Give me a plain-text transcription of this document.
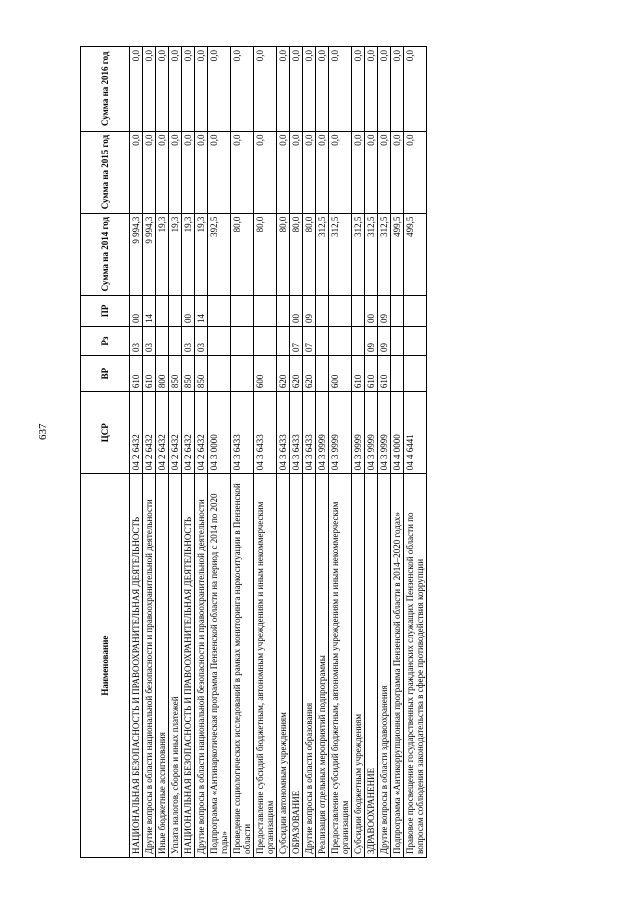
637
Наименование	ЦСР	ВР	Рз	ПР	Сумма на 2014 год	Сумма на 2015 год	Сумма на 2016 год
НАЦИОНАЛЬНАЯ БЕЗОПАСНОСТЬ И ПРАВООХРАНИТЕЛЬНАЯ ДЕЯТЕЛЬНОСТЬ	04 2 6432	610	03	00	9 994,3	0,0	0,0
Другие вопросы в области национальной безопасности и правоохранительной деятельности	04 2 6432	610	03	14	9 994,3	0,0	0,0
Иные бюджетные ассигнования	04 2 6432	800			19,3	0,0	0,0
Уплата налогов, сборов и иных платежей	04 2 6432	850			19,3	0,0	0,0
НАЦИОНАЛЬНАЯ БЕЗОПАСНОСТЬ И ПРАВООХРАНИТЕЛЬНАЯ ДЕЯТЕЛЬНОСТЬ	04 2 6432	850	03	00	19,3	0,0	0,0
Другие вопросы в области национальной безопасности и правоохранительной деятельности	04 2 6432	850	03	14	19,3	0,0	0,0
Подпрограмма «Антинаркотическая программа Пензенской области на период с 2014 по 2020 годы»	04 3 0000				392,5	0,0	0,0
Проведение социологических исследований в рамках мониторинга наркоситуации в Пензенской области	04 3 6433				80,0	0,0	0,0
Предоставление субсидий бюджетным, автономным учреждениям и иным некоммерческим организациям	04 3 6433	600			80,0	0,0	0,0
Субсидии автономным учреждениям	04 3 6433	620			80,0	0,0	0,0
ОБРАЗОВАНИЕ	04 3 6433	620	07	00	80,0	0,0	0,0
Другие вопросы в области образования	04 3 6433	620	07	09	80,0	0,0	0,0
Реализация отдельных мероприятий подпрограммы	04 3 9999				312,5	0,0	0,0
Предоставление субсидий бюджетным, автономным учреждениям и иным некоммерческим организациям	04 3 9999	600			312,5	0,0	0,0
Субсидии бюджетным учреждениям	04 3 9999	610			312,5	0,0	0,0
ЗДРАВООХРАНЕНИЕ	04 3 9999	610	09	00	312,5	0,0	0,0
Другие вопросы в области здравоохранения	04 3 9999	610	09	09	312,5	0,0	0,0
Подпрограмма «Антикоррупционная программа Пензенской области в 2014–2020 годах»	04 4 0000				499,5	0,0	0,0
Правовое просвещение государственных гражданских служащих Пензенской области по вопросам соблюдения законодательства в сфере противодействия коррупции	04 4 6441				499,5	0,0	0,0
